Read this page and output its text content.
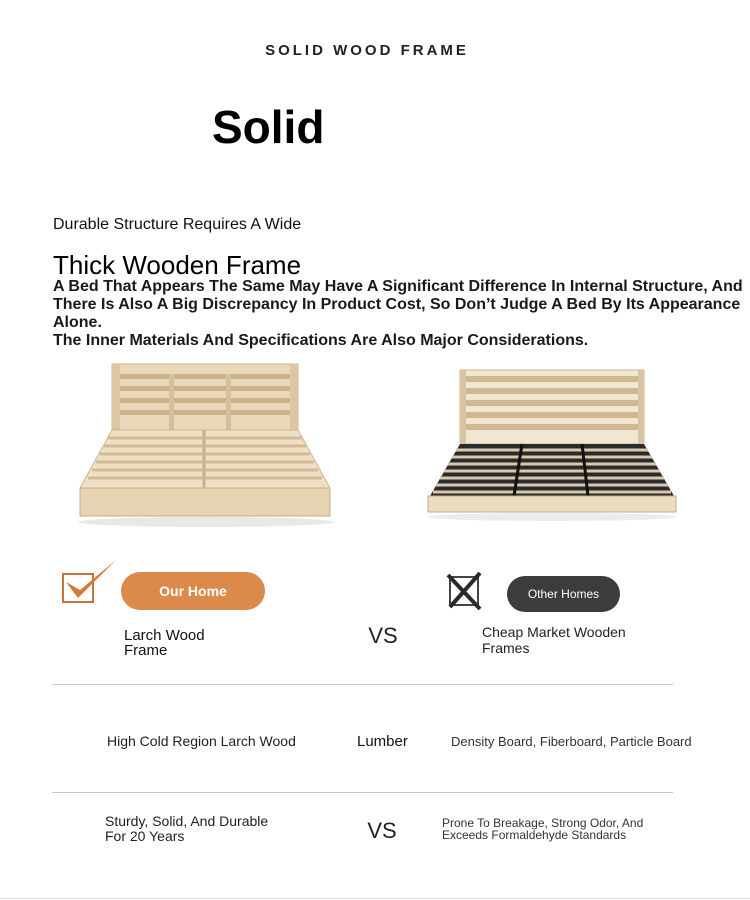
SOLID WOOD FRAME
Solid
Durable Structure Requires A Wide
Thick Wooden Frame
A Bed That Appears The Same May Have A Significant Difference In Internal Structure, And
There Is Also A Big Discrepancy In Product Cost, So Don’t Judge A Bed By Its Appearance Alone.
The Inner Materials And Specifications Are Also Major Considerations.
Our Home	Other Homes
Larch Wood
Frame
VS	Cheap Market Wooden
Frames
High Cold Region Larch Wood	Lumber	Density Board, Fiberboard, Particle Board
Sturdy, Solid, And Durable
For 20 Years	VS	Prone To Breakage, Strong Odor, And
Exceeds Formaldehyde Standards
